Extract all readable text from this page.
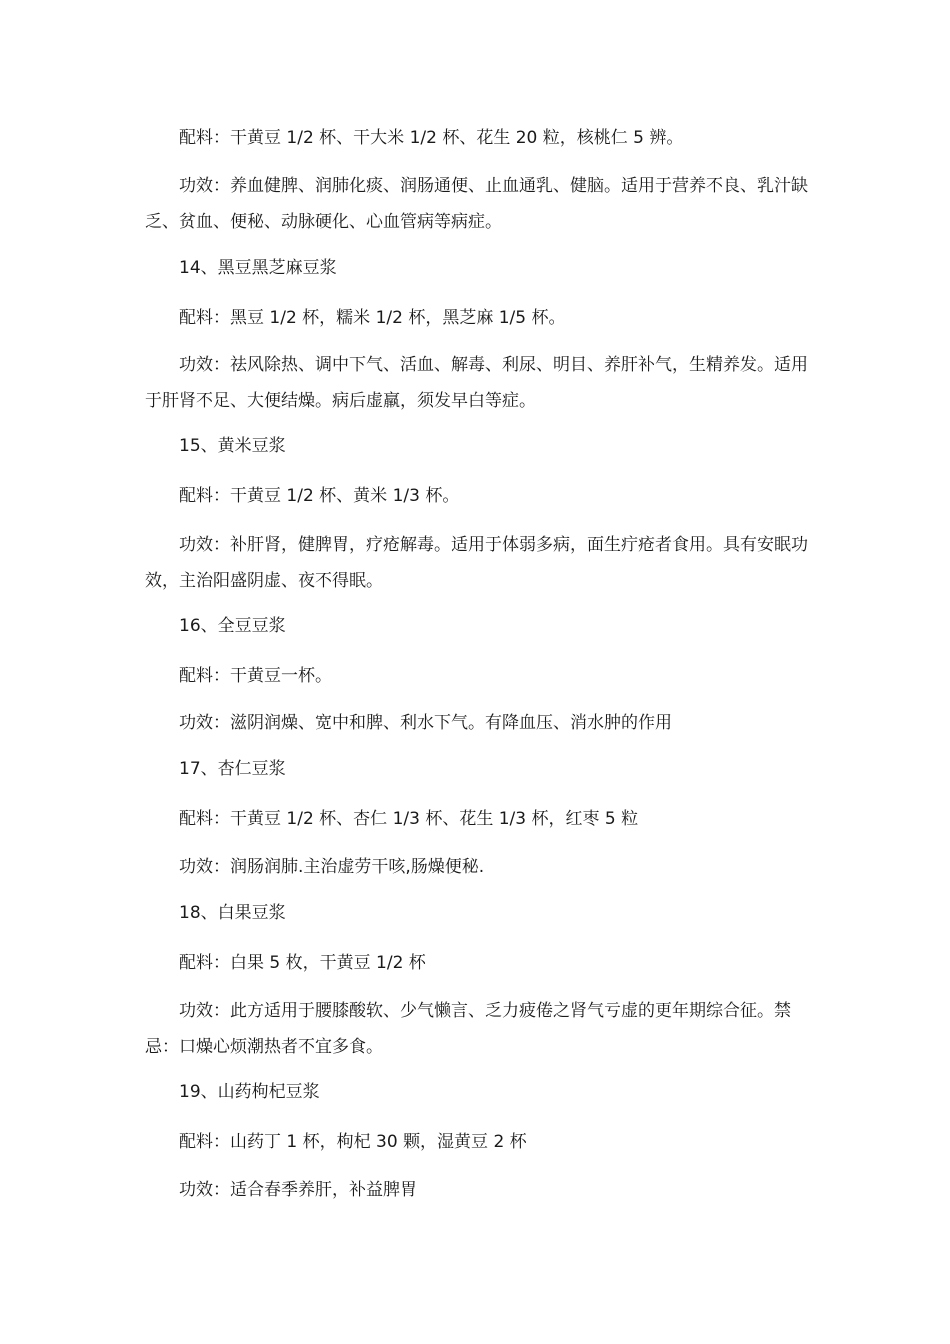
配料：干黄豆 1/2 杯、干大米 1/2 杯、花生 20 粒，核桃仁 5 辨。

功效：养血健脾、润肺化痰、润肠通便、止血通乳、健脑。适用于营养不良、乳汁缺乏、贫血、便秘、动脉硬化、心血管病等病症。

14、黑豆黑芝麻豆浆

配料：黑豆 1/2 杯，糯米 1/2 杯，黑芝麻 1/5 杯。

功效：祛风除热、调中下气、活血、解毒、利尿、明目、养肝补气，生精养发。适用于肝肾不足、大便结燥。病后虚羸，须发早白等症。

15、黄米豆浆

配料：干黄豆 1/2 杯、黄米 1/3 杯。

功效：补肝肾，健脾胃，疗疮解毒。适用于体弱多病，面生疔疮者食用。具有安眠功效，主治阳盛阴虚、夜不得眠。

16、全豆豆浆

配料：干黄豆一杯。

功效：滋阴润燥、宽中和脾、利水下气。有降血压、消水肿的作用

17、杏仁豆浆

配料：干黄豆 1/2 杯、杏仁 1/3 杯、花生 1/3 杯，红枣 5 粒

功效：润肠润肺.主治虚劳干咳,肠燥便秘.

18、白果豆浆

配料：白果 5 枚，干黄豆 1/2 杯

功效：此方适用于腰膝酸软、少气懒言、乏力疲倦之肾气亏虚的更年期综合征。禁忌：口燥心烦潮热者不宜多食。

19、山药枸杞豆浆

配料：山药丁 1 杯，枸杞 30 颗，湿黄豆 2 杯

功效：适合春季养肝，补益脾胃
